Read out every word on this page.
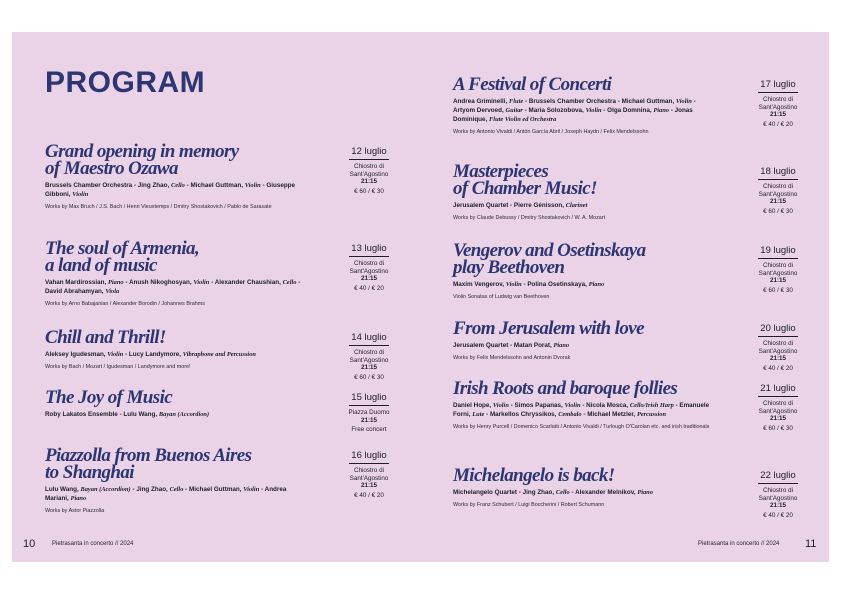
PROGRAM
Grand opening in memory
of Maestro Ozawa
Brussels Chamber Orchestra - Jing Zhao, Cello - Michael Guttman, Violin - Giuseppe Gibboni, Violin
Works by Max Bruch / J.S. Bach / Henri Vieuxtemps / Dmitry Shostakovich / Pablo de Sarasate
12 luglio
Chiostro di Sant'Agostino
21:15
€ 60 / € 30
The soul of Armenia,
a land of music
Vahan Mardirossian, Piano - Anush Nikoghosyan, Violin - Alexander Chaushian, Cello - David Abrahamyan, Viola
Works by Arno Babajanian / Alexander Borodin / Johannes Brahms
13 luglio
Chiostro di Sant'Agostino
21:15
€ 40 / € 20
Chill and Thrill!
Aleksey Igudesman, Violin - Lucy Landymore, Vibraphone and Percussion
Works by Bach / Mozart / Igudesman / Landymore and more!
14 luglio
Chiostro di Sant'Agostino
21:15
€ 60 / € 30
The Joy of Music
Roby Lakatos Ensemble - Lulu Wang, Bayan (Accordion)
15 luglio
Piazza Duomo
21:15
Free concert
Piazzolla from Buenos Aires
to Shanghai
Lulu Wang, Bayan (Accordion) - Jing Zhao, Cello - Michael Guttman, Violin - Andrea Mariani, Piano
Works by Astor Piazzolla
16 luglio
Chiostro di Sant'Agostino
21:15
€ 40 / € 20
A Festival of Concerti
Andrea Griminelli, Flute - Brussels Chamber Orchestra - Michael Guttman, Violin - Artyom Dervoed, Guitar - Maria Solozobova, Violin - Olga Domnina, Piano - Jonas Dominique, Flute Violin ed Orchestra
Works by Antonio Vivaldi / Antón García Abril / Joseph Haydn / Felix Mendelssohn
17 luglio
Chiostro di Sant'Agostino
21:15
€ 40 / € 20
Masterpieces
of Chamber Music!
Jerusalem Quartet - Pierre Génisson, Clarinet
Works by Claude Debussy / Dmitry Shostakovich / W. A. Mozart
18 luglio
Chiostro di Sant'Agostino
21:15
€ 60 / € 30
Vengerov and Osetinskaya
play Beethoven
Maxim Vengerov, Violin - Polina Osetinskaya, Piano
Violin Sonatas of Ludwig van Beethoven
19 luglio
Chiostro di Sant'Agostino
21:15
€ 60 / € 30
From Jerusalem with love
Jerusalem Quartet - Matan Porat, Piano
Works by Felix Mendelssohn and Antonin Dvorak
20 luglio
Chiostro di Sant'Agostino
21:15
€ 40 / € 20
Irish Roots and baroque follies
Daniel Hope, Violin - Simos Papanas, Violin - Nicola Mosca, Cello/Irish Harp - Emanuele Forni, Lute - Markellos Chryssikos, Cembalo - Michael Metzler, Percussion
Works by Henry Purcell / Domenico Scarlatti / Antonio Vivaldi / Turlough O'Carolan etc. and irish traditionals
21 luglio
Chiostro di Sant'Agostino
21:15
€ 60 / € 30
Michelangelo is back!
Michelangelo Quartet - Jing Zhao, Cello - Alexander Melnikov, Piano
Works by Franz Schubert / Luigi Boccherini / Robert Schumann
22 luglio
Chiostro di Sant'Agostino
21:15
€ 40 / € 20
10	Pietrasanta in concerto // 2024	Pietrasanta in concerto // 2024 11
